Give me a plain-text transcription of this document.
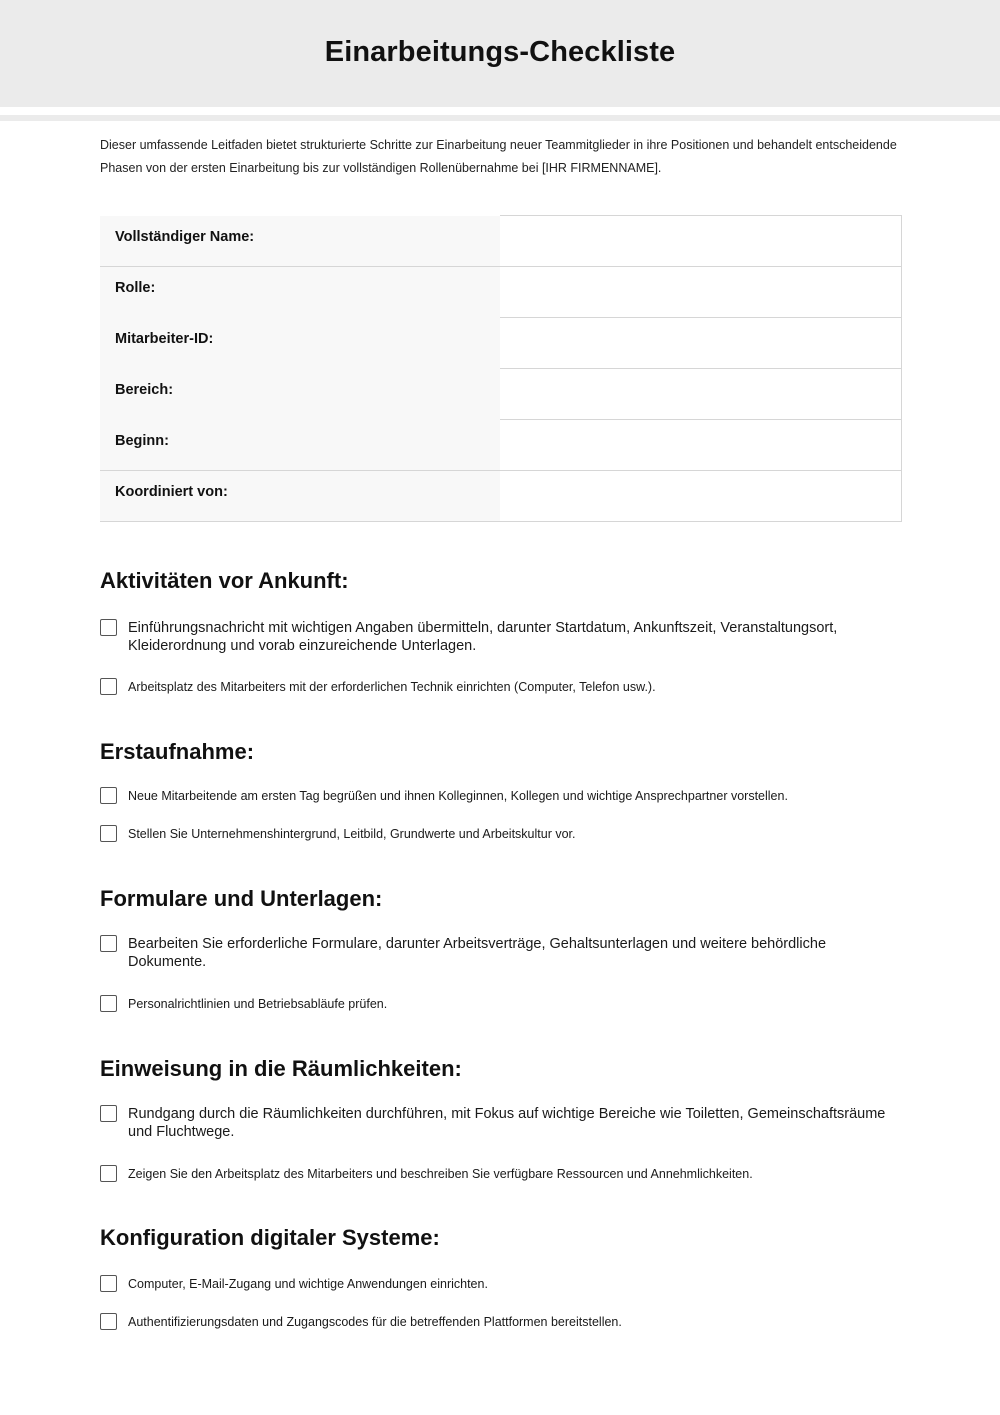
Einarbeitungs-Checkliste

Dieser umfassende Leitfaden bietet strukturierte Schritte zur Einarbeitung neuer Teammitglieder in ihre Positionen und behandelt entscheidende Phasen von der ersten Einarbeitung bis zur vollständigen Rollenübernahme bei [IHR FIRMENNAME].

Vollständiger Name:	
Rolle:	
Mitarbeiter-ID:	
Bereich:	
Beginn:	
Koordiniert von:	
Aktivitäten vor Ankunft:
Einführungsnachricht mit wichtigen Angaben übermitteln, darunter Startdatum, Ankunftszeit, Veranstaltungsort, Kleiderordnung und vorab einzureichende Unterlagen.
Arbeitsplatz des Mitarbeiters mit der erforderlichen Technik einrichten (Computer, Telefon usw.).
Erstaufnahme:
Neue Mitarbeitende am ersten Tag begrüßen und ihnen Kolleginnen, Kollegen und wichtige Ansprechpartner vorstellen.
Stellen Sie Unternehmenshintergrund, Leitbild, Grundwerte und Arbeitskultur vor.
Formulare und Unterlagen:
Bearbeiten Sie erforderliche Formulare, darunter Arbeitsverträge, Gehaltsunterlagen und weitere behördliche Dokumente.
Personalrichtlinien und Betriebsabläufe prüfen.
Einweisung in die Räumlichkeiten:
Rundgang durch die Räumlichkeiten durchführen, mit Fokus auf wichtige Bereiche wie Toiletten, Gemeinschaftsräume und Fluchtwege.
Zeigen Sie den Arbeitsplatz des Mitarbeiters und beschreiben Sie verfügbare Ressourcen und Annehmlichkeiten.
Konfiguration digitaler Systeme:
Computer, E-Mail-Zugang und wichtige Anwendungen einrichten.
Authentifizierungsdaten und Zugangscodes für die betreffenden Plattformen bereitstellen.
